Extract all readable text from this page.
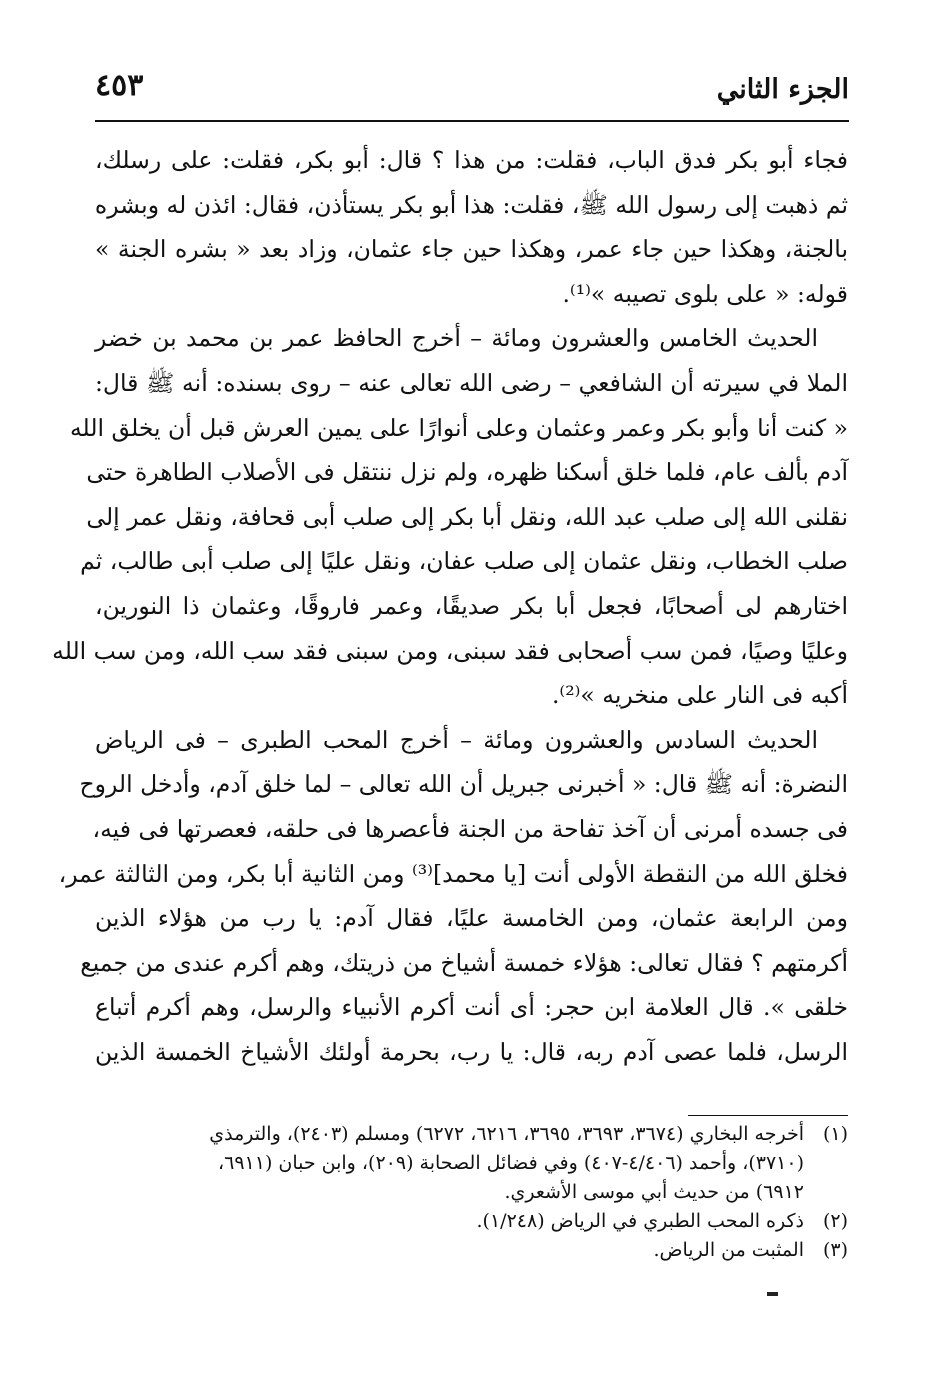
الجزء الثاني
٤٥٣

فجاء أبو بكر فدق الباب، فقلت: من هذا ؟ قال: أبو بكر، فقلت: على رسلك،
ثم ذهبت إلى رسول الله ﷺ، فقلت: هذا أبو بكر يستأذن، فقال: ائذن له وبشره
بالجنة، وهكذا حين جاء عمر، وهكذا حين جاء عثمان، وزاد بعد « بشره الجنة »
قوله: « على بلوى تصيبه »⁽¹⁾.

الحديث الخامس والعشرون ومائة – أخرج الحافظ عمر بن محمد بن خضر
الملا في سيرته أن الشافعي – رضى الله تعالى عنه – روى بسنده: أنه ﷺ قال:
« كنت أنا وأبو بكر وعمر وعثمان وعلى أنوارًا على يمين العرش قبل أن يخلق الله
آدم بألف عام، فلما خلق أسكنا ظهره، ولم نزل ننتقل فى الأصلاب الطاهرة حتى
نقلنى الله إلى صلب عبد الله، ونقل أبا بكر إلى صلب أبى قحافة، ونقل عمر إلى
صلب الخطاب، ونقل عثمان إلى صلب عفان، ونقل عليًا إلى صلب أبى طالب، ثم
اختارهم لى أصحابًا، فجعل أبا بكر صديقًا، وعمر فاروقًا، وعثمان ذا النورين،
وعليًا وصيًا، فمن سب أصحابى فقد سبنى، ومن سبنى فقد سب الله، ومن سب الله
أكبه فى النار على منخريه »⁽²⁾.

الحديث السادس والعشرون ومائة – أخرج المحب الطبرى – فى الرياض
النضرة: أنه ﷺ قال: « أخبرنى جبريل أن الله تعالى – لما خلق آدم، وأدخل الروح
فى جسده أمرنى أن آخذ تفاحة من الجنة فأعصرها فى حلقه، فعصرتها فى فيه،
فخلق الله من النقطة الأولى أنت [يا محمد]⁽³⁾ ومن الثانية أبا بكر، ومن الثالثة عمر،
ومن الرابعة عثمان، ومن الخامسة عليًا، فقال آدم: يا رب من هؤلاء الذين
أكرمتهم ؟ فقال تعالى: هؤلاء خمسة أشياخ من ذريتك، وهم أكرم عندى من جميع
خلقى ». قال العلامة ابن حجر: أى أنت أكرم الأنبياء والرسل، وهم أكرم أتباع
الرسل، فلما عصى آدم ربه، قال: يا رب، بحرمة أولئك الأشياخ الخمسة الذين

(١)أخرجه البخاري (٣٦٧٤، ٣٦٩٣، ٣٦٩٥، ٦٢١٦، ٦٢٧٢) ومسلم (٢٤٠٣)، والترمذي
(٣٧١٠)، وأحمد (٤/٤٠٦-٤٠٧) وفي فضائل الصحابة (٢٠٩)، وابن حبان (٦٩١١،
٦٩١٢) من حديث أبي موسى الأشعري.
(٢)ذكره المحب الطبري في الرياض (١/٢٤٨).
(٣)المثبت من الرياض.
